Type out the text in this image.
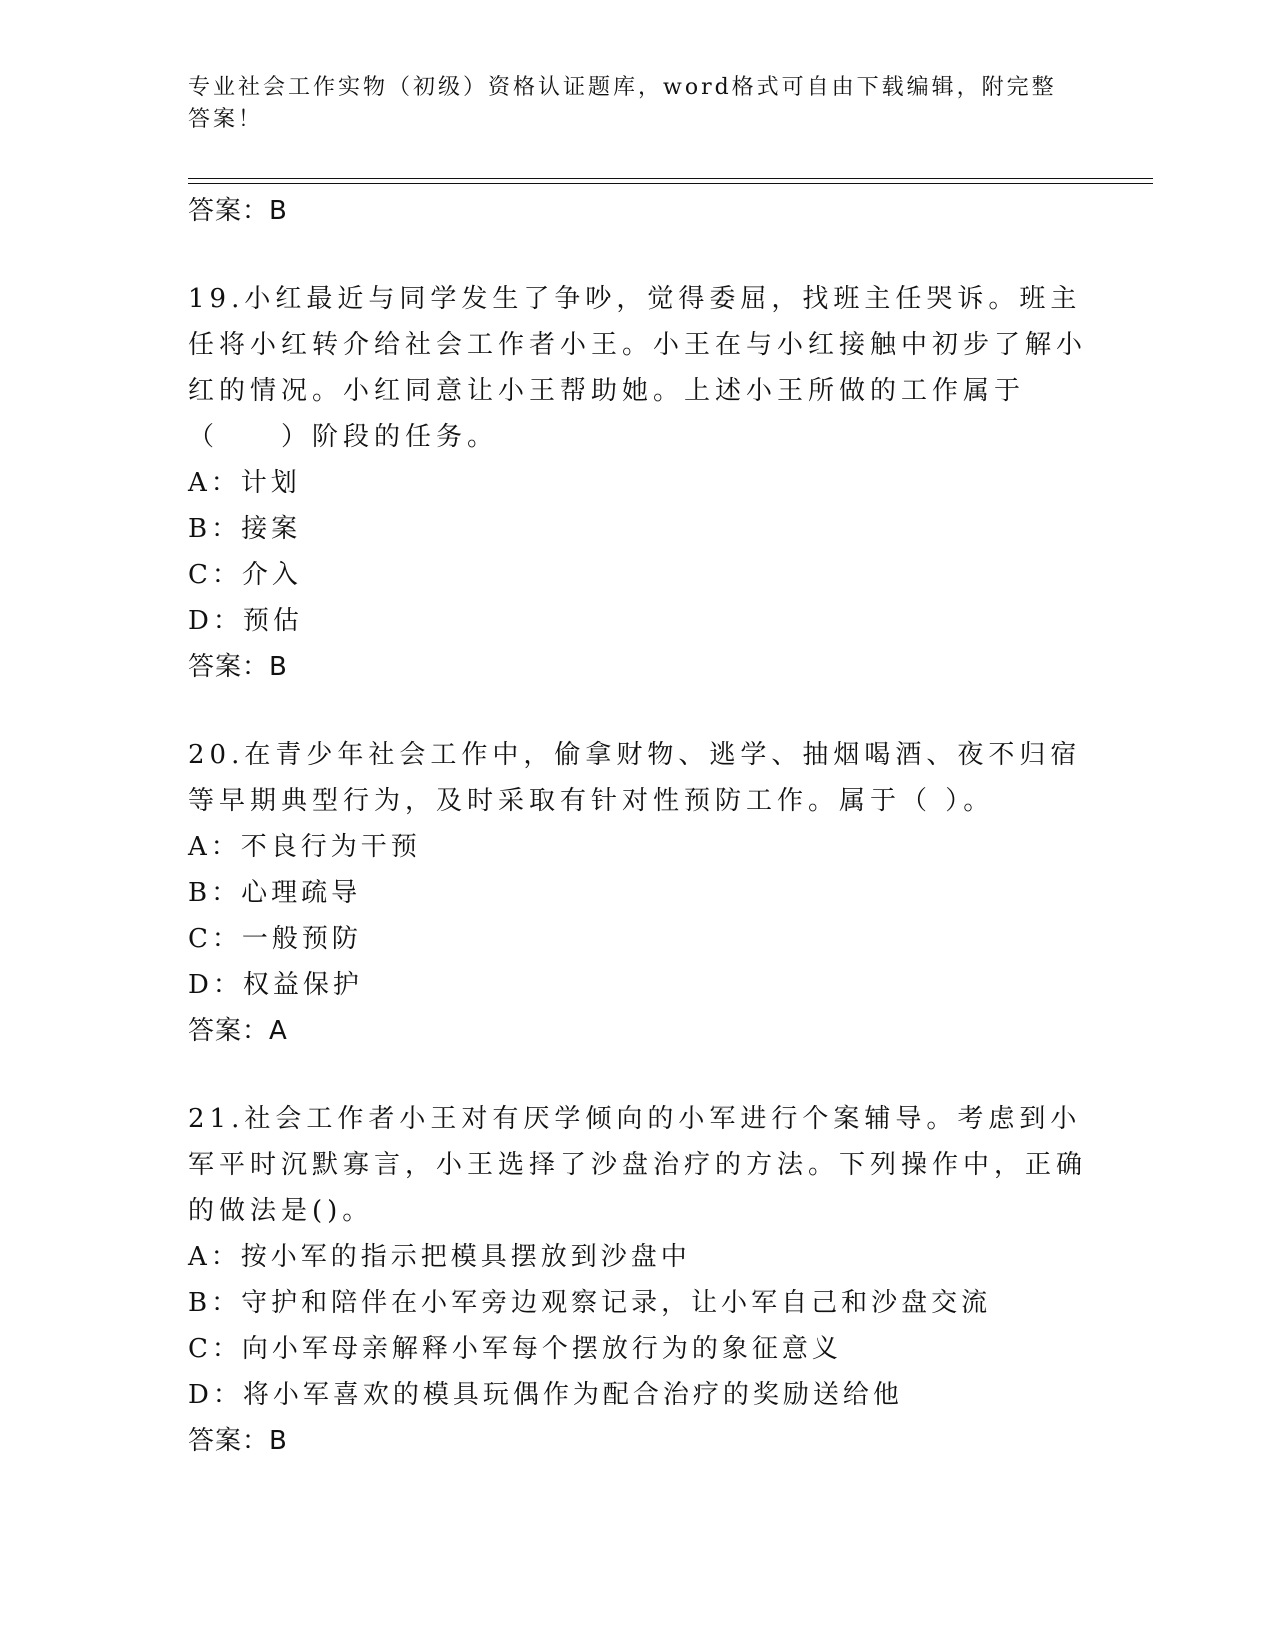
专业社会工作实物（初级）资格认证题库，word格式可自由下载编辑，附完整答案！
答案：B
19.小红最近与同学发生了争吵，觉得委屈，找班主任哭诉。班主任将小红转介给社会工作者小王。小王在与小红接触中初步了解小红的情况。小红同意让小王帮助她。上述小王所做的工作属于（　　）阶段的任务。
A：计划
B：接案
C：介入
D：预估
答案：B
20.在青少年社会工作中，偷拿财物、逃学、抽烟喝酒、夜不归宿等早期典型行为，及时采取有针对性预防工作。属于（ ）。
A：不良行为干预
B：心理疏导
C：一般预防
D：权益保护
答案：A
21.社会工作者小王对有厌学倾向的小军进行个案辅导。考虑到小军平时沉默寡言，小王选择了沙盘治疗的方法。下列操作中，正确的做法是()。
A：按小军的指示把模具摆放到沙盘中
B：守护和陪伴在小军旁边观察记录，让小军自己和沙盘交流
C：向小军母亲解释小军每个摆放行为的象征意义
D：将小军喜欢的模具玩偶作为配合治疗的奖励送给他
答案：B
